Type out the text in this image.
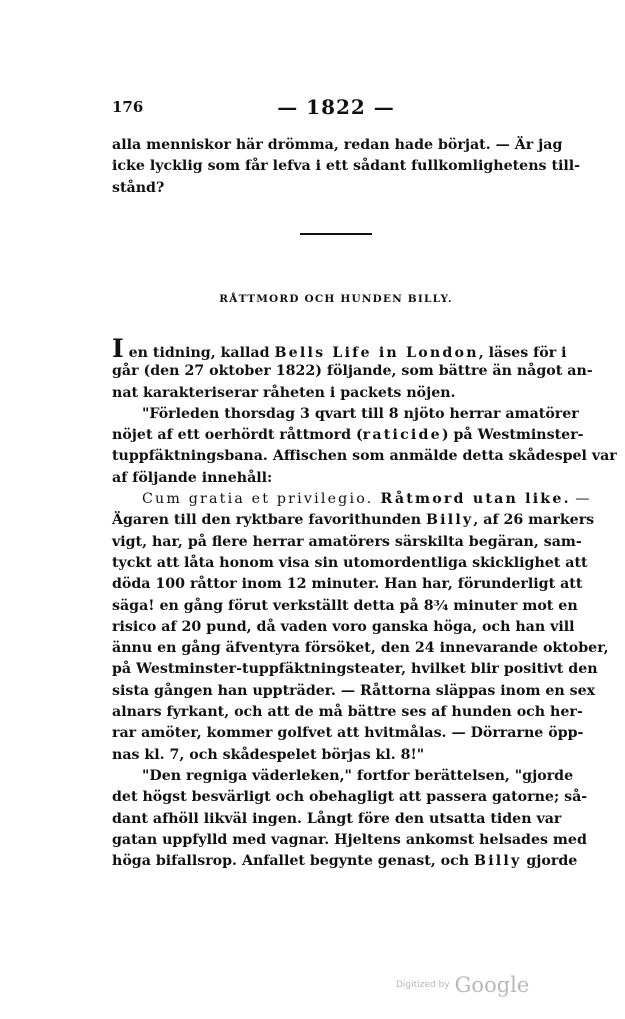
176	— 1822 —
alla menniskor här drömma, redan hade börjat. — Är jag
icke lycklig som får lefva i ett sådant fullkomlighetens till-
stånd?
RÅTTMORD OCH HUNDEN BILLY.
I en tidning, kallad Bells Life in London, läses för i
går (den 27 oktober 1822) följande, som bättre än något an-
nat karakteriserar råheten i packets nöjen.
"Förleden thorsdag 3 qvart till 8 njöto herrar amatörer
nöjet af ett oerhördt råttmord (raticide) på Westminster-
tuppfäktningsbana. Affischen som anmälde detta skådespel var
af följande innehåll:
Cum gratia et privilegio. Råtmord utan like. —
Ägaren till den ryktbare favorithunden Billy, af 26 markers
vigt, har, på flere herrar amatörers särskilta begäran, sam-
tyckt att låta honom visa sin utomordentliga skicklighet att
döda 100 råttor inom 12 minuter. Han har, förunderligt att
säga! en gång förut verkställt detta på 8¾ minuter mot en
risico af 20 pund, då vaden voro ganska höga, och han vill
ännu en gång äfventyra försöket, den 24 innevarande oktober,
på Westminster-tuppfäktningsteater, hvilket blir positivt den
sista gången han uppträder. — Råttorna släppas inom en sex
alnars fyrkant, och att de må bättre ses af hunden och her-
rar amöter, kommer golfvet att hvitmålas. — Dörrarne öpp-
nas kl. 7, och skådespelet börjas kl. 8!"
"Den regniga väderleken," fortfor berättelsen, "gjorde
det högst besvärligt och obehagligt att passera gatorne; så-
dant afhöll likväl ingen. Långt före den utsatta tiden var
gatan uppfylld med vagnar. Hjeltens ankomst helsades med
höga bifallsrop. Anfallet begynte genast, och Billy gjorde
Digitized by Google
